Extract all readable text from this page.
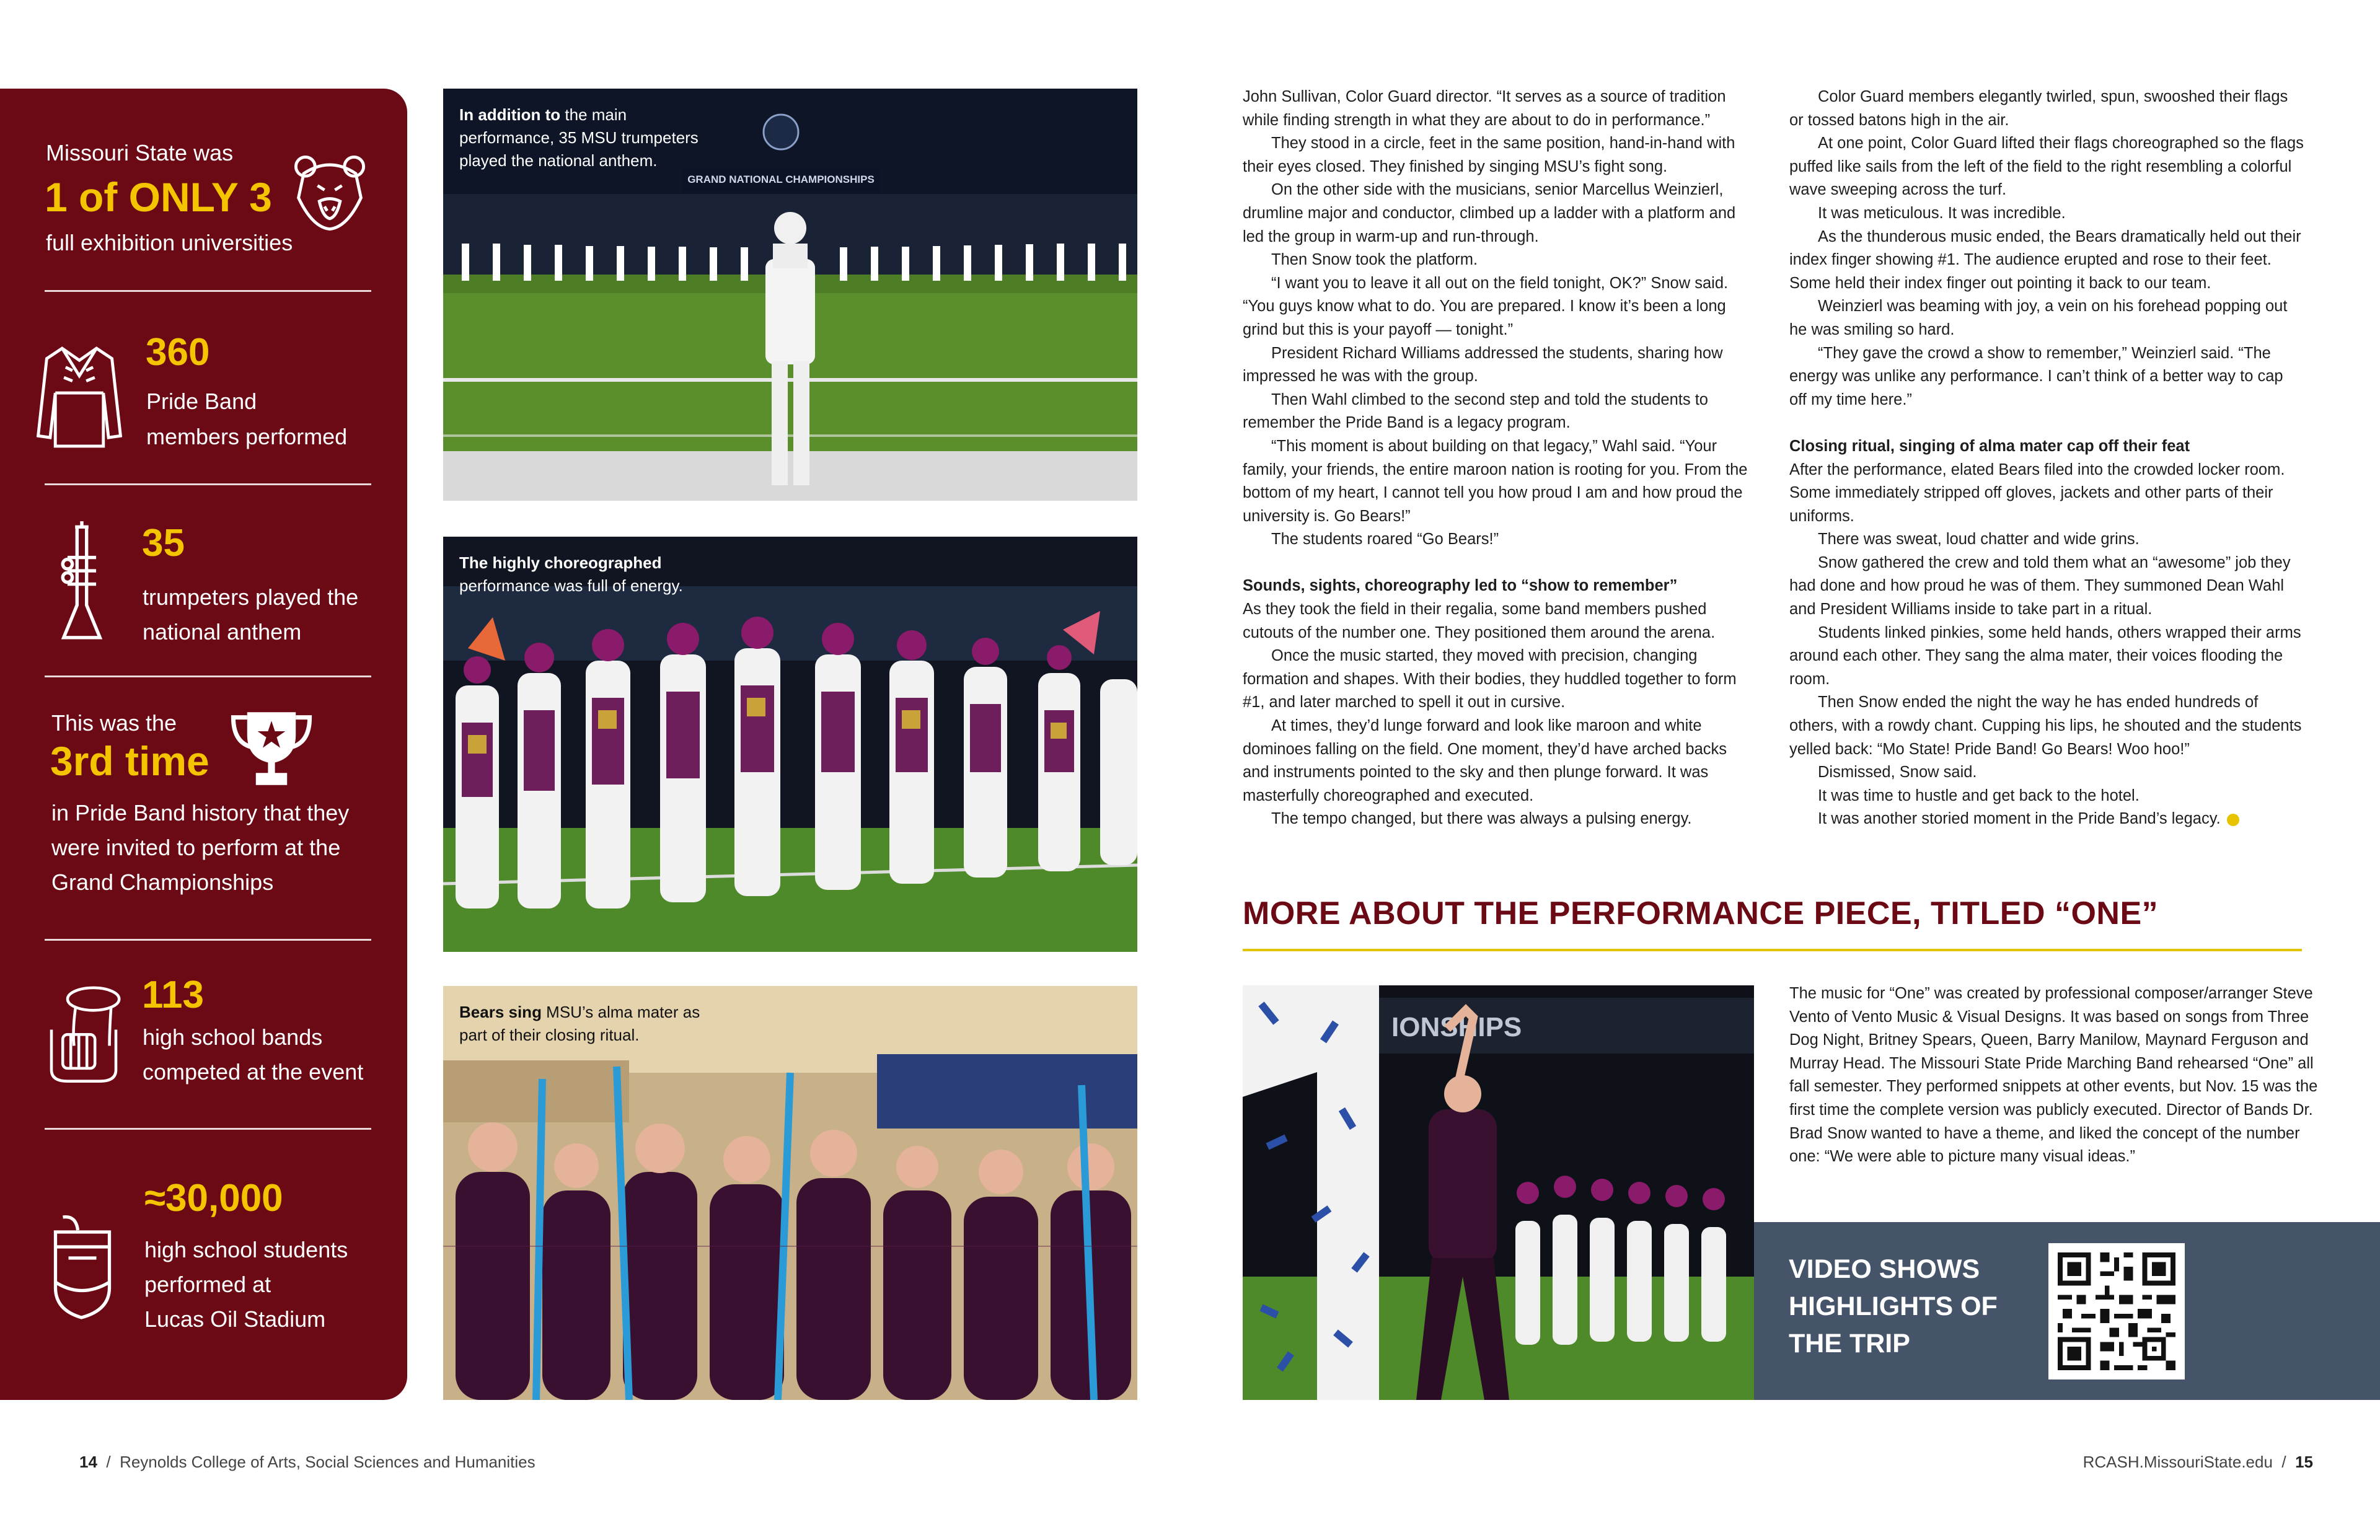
Missouri State was
1 of ONLY 3
full exhibition universities
360
Pride Band
members performed
35
trumpeters played the
national anthem
This was the
3rd time
in Pride Band history that they
were invited to perform at the
Grand Championships
113
high school bands
competed at the event
≈30,000
high school students
performed at
Lucas Oil Stadium
GRAND NATIONAL CHAMPIONSHIPS
In addition to the main performance, 35 MSU trumpeters played the national anthem.
The highly choreographed performance was full of energy.
Bears sing MSU’s alma mater as part of their closing ritual.	IONSHIPS

John Sullivan, Color Guard director. “It serves as a source of tradition while finding strength in what they are about to do in performance.”

They stood in a circle, feet in the same position, hand-in-hand with their eyes closed. They finished by singing MSU’s fight song.

On the other side with the musicians, senior Marcellus Weinzierl, drumline major and conductor, climbed up a ladder with a platform and led the group in warm-up and run-through.

Then Snow took the platform.

“I want you to leave it all out on the field tonight, OK?” Snow said. “You guys know what to do. You are prepared. I know it’s been a long grind but this is your payoff — tonight.”

President Richard Williams addressed the students, sharing how impressed he was with the group.

Then Wahl climbed to the second step and told the students to remember the Pride Band is a legacy program.

“This moment is about building on that legacy,” Wahl said. “Your family, your friends, the entire maroon nation is rooting for you. From the bottom of my heart, I cannot tell you how proud I am and how proud the university is. Go Bears!”

The students roared “Go Bears!”

Sounds, sights, choreography led to “show to remember”

As they took the field in their regalia, some band members pushed cutouts of the number one. They positioned them around the arena.

Once the music started, they moved with precision, changing formation and shapes. With their bodies, they huddled together to form #1, and later marched to spell it out in cursive.

At times, they’d lunge forward and look like maroon and white dominoes falling on the field. One moment, they’d have arched backs and instruments pointed to the sky and then plunge forward. It was masterfully choreographed and executed.

The tempo changed, but there was always a pulsing energy.

Color Guard members elegantly twirled, spun, swooshed their flags or tossed batons high in the air.

At one point, Color Guard lifted their flags choreographed so the flags puffed like sails from the left of the field to the right resembling a colorful wave sweeping across the turf.

It was meticulous. It was incredible.

As the thunderous music ended, the Bears dramatically held out their index finger showing #1. The audience erupted and rose to their feet. Some held their index finger out pointing it back to our team.

Weinzierl was beaming with joy, a vein on his forehead popping out he was smiling so hard.

“They gave the crowd a show to remember,” Weinzierl said. “The energy was unlike any performance. I can’t think of a better way to cap off my time here.”

Closing ritual, singing of alma mater cap off their feat

After the performance, elated Bears filed into the crowded locker room. Some immediately stripped off gloves, jackets and other parts of their uniforms.

There was sweat, loud chatter and wide grins.

Snow gathered the crew and told them what an “awesome” job they had done and how proud he was of them. They summoned Dean Wahl and President Williams inside to take part in a ritual.

Students linked pinkies, some held hands, others wrapped their arms around each other. They sang the alma mater, their voices flooding the room.

Then Snow ended the night the way he has ended hundreds of others, with a rowdy chant. Cupping his lips, he shouted and the students yelled back: “Mo State! Pride Band! Go Bears! Woo hoo!”

Dismissed, Snow said.

It was time to hustle and get back to the hotel.

It was another storied moment in the Pride Band’s legacy.

MORE ABOUT THE PERFORMANCE PIECE, TITLED “ONE”

The music for “One” was created by professional composer/arranger Steve Vento of Vento Music & Visual Designs. It was based on songs from Three Dog Night, Britney Spears, Queen, Barry Manilow, Maynard Ferguson and Murray Head. The Missouri State Pride Marching Band rehearsed “One” all fall semester. They performed snippets at other events, but Nov. 15 was the first time the complete version was publicly executed. Director of Bands Dr. Brad Snow wanted to have a theme, and liked the concept of the number one: “We were able to picture many visual ideas.”

VIDEO SHOWS
HIGHLIGHTS OF
THE TRIP
14 / Reynolds College of Arts, Social Sciences and Humanities	RCASH.MissouriState.edu / 15
